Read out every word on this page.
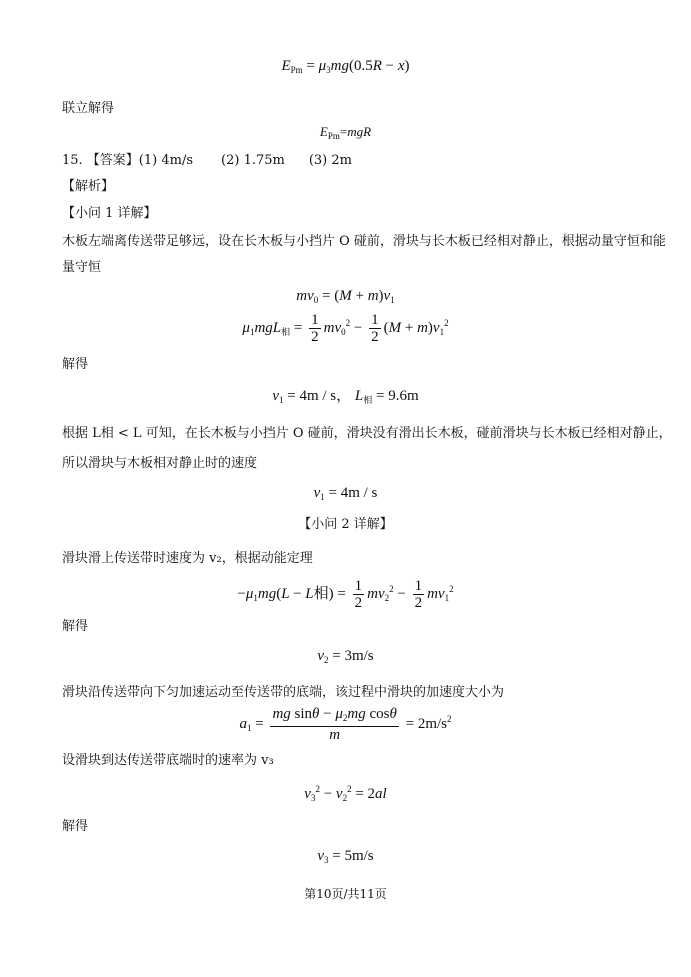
$E_{Pm} = \mu_3mg(0.5R - x)$
联立解得
$E_{Pm}=mgR$
15. 【答案】(1) 4m/s (2) 1.75m (3) 2m
【解析】
【小问 1 详解】
木板左端离传送带足够远，设在长木板与小挡片 O 碰前，滑块与长木板已经相对静止，根据动量守恒和能
量守恒
$mv_0 = (M + m)v_1$
$\mu_1mgL_相 = \frac{1}{2} mv_0^2 - \frac{1}{2} (M + m)v_1^2$
解得
$v_1 = 4m / s$， $L_相 = 9.6m$
根据 L相 < L 可知，在长木板与小挡片 O 碰前，滑块没有滑出长木板，碰前滑块与长木板已经相对静止，
所以滑块与木板相对静止时的速度
$v_1 = 4m / s$
【小问 2 详解】
滑块滑上传送带时速度为 v₂，根据动能定理
$-\mu_1mg(L - L$相) = $\frac{1}{2} mv_2^2 - \frac{1}{2} mv_1^2$
解得
$v_2 = 3m/s$
滑块沿传送带向下匀加速运动至传送带的底端，该过程中滑块的加速度大小为
$a_1 = \frac{mg \sin\theta - \mu_2mg \cos\theta}{m} = 2m/s^2$
设滑块到达传送带底端时的速率为 v₃
$v_3^2 - v_2^2 = 2al$
解得
$v_3 = 5m/s$
第10页/共11页
